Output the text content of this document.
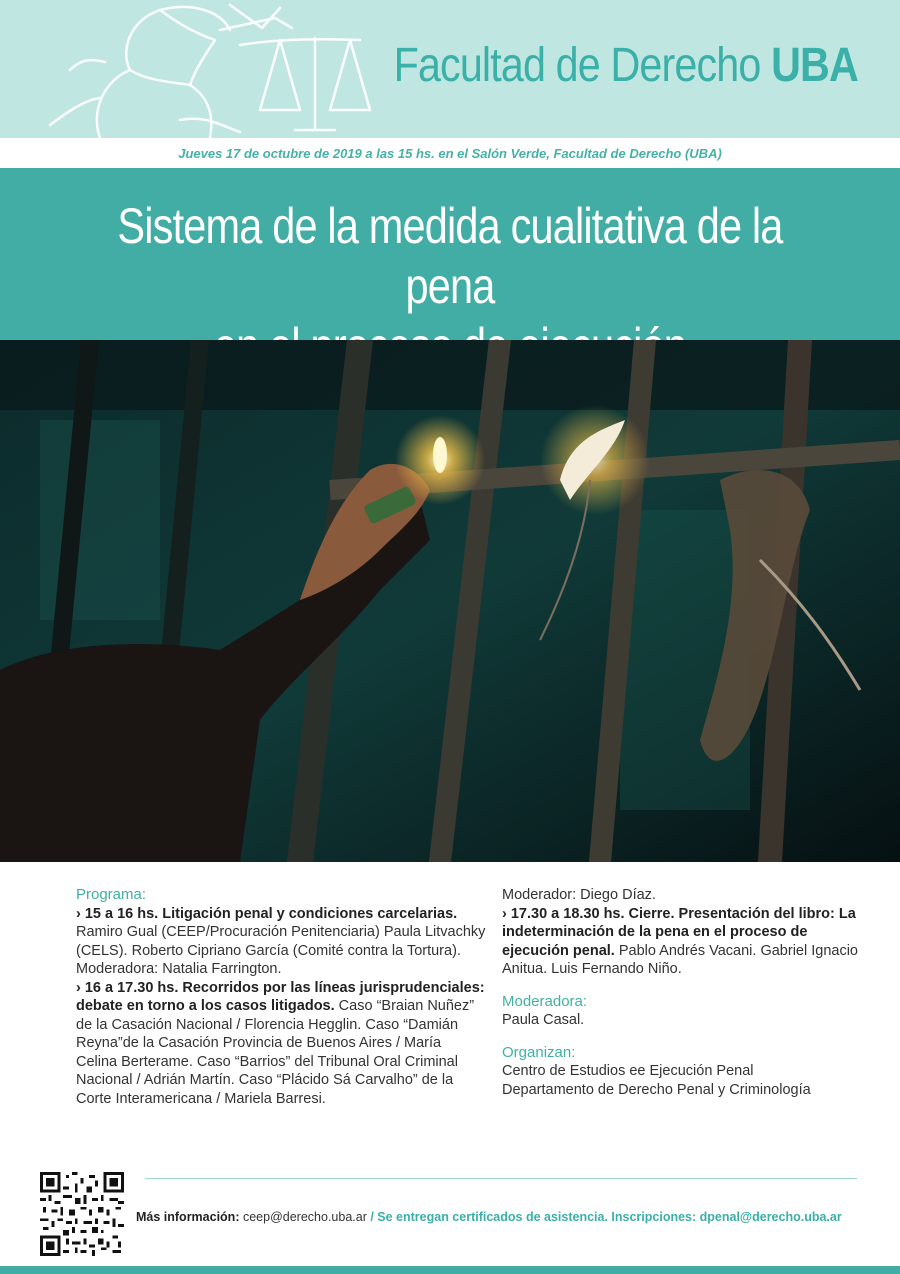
Facultad de Derecho UBA
Jueves 17 de octubre de 2019 a las 15 hs. en el Salón Verde, Facultad de Derecho (UBA)
Sistema de la medida cualitativa de la pena

Programa:

› 15 a 16 hs. Litigación penal y condiciones carcelarias. Ramiro Gual (CEEP/Procuración Penitenciaria) Paula Litvachky (CELS). Roberto Cipriano García (Comité contra la Tortura). Moderadora: Natalia Farrington.

› 16 a 17.30 hs. Recorridos por las líneas jurisprudenciales: debate en torno a los casos litigados. Caso “Braian Nuñez” de la Casación Nacional / Florencia Hegglin. Caso “Damián Reyna”de la Casación Provincia de Buenos Aires / María Celina Berterame. Caso “Barrios” del Tribunal Oral Criminal Nacional / Adrián Martín. Caso “Plácido Sá Carvalho” de la Corte Interamericana / Mariela Barresi.

Moderador: Diego Díaz.

› 17.30 a 18.30 hs. Cierre. Presentación del libro: La indeterminación de la pena en el proceso de ejecución penal. Pablo Andrés Vacani. Gabriel Ignacio Anitua. Luis Fernando Niño.

Moderadora:

Paula Casal.

Organizan:

Centro de Estudios ee Ejecución Penal

Departamento de Derecho Penal y Criminología

Más información: ceep@derecho.uba.ar / Se entregan certificados de asistencia. Inscripciones: dpenal@derecho.uba.ar
